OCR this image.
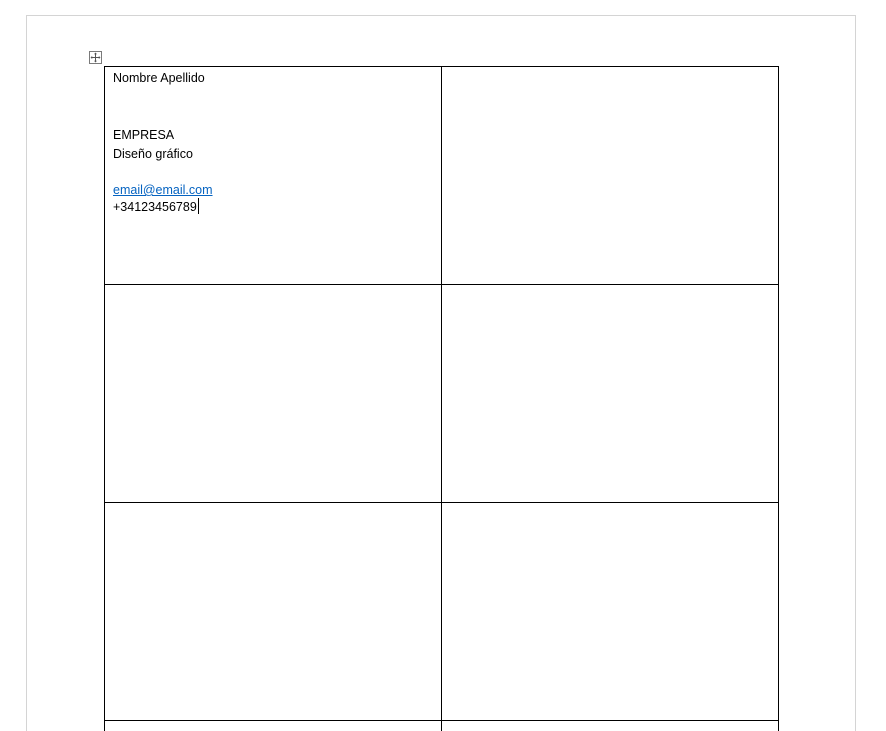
Nombre Apellido
EMPRESA
Diseño gráfico
email@email.com
+34123456789	
